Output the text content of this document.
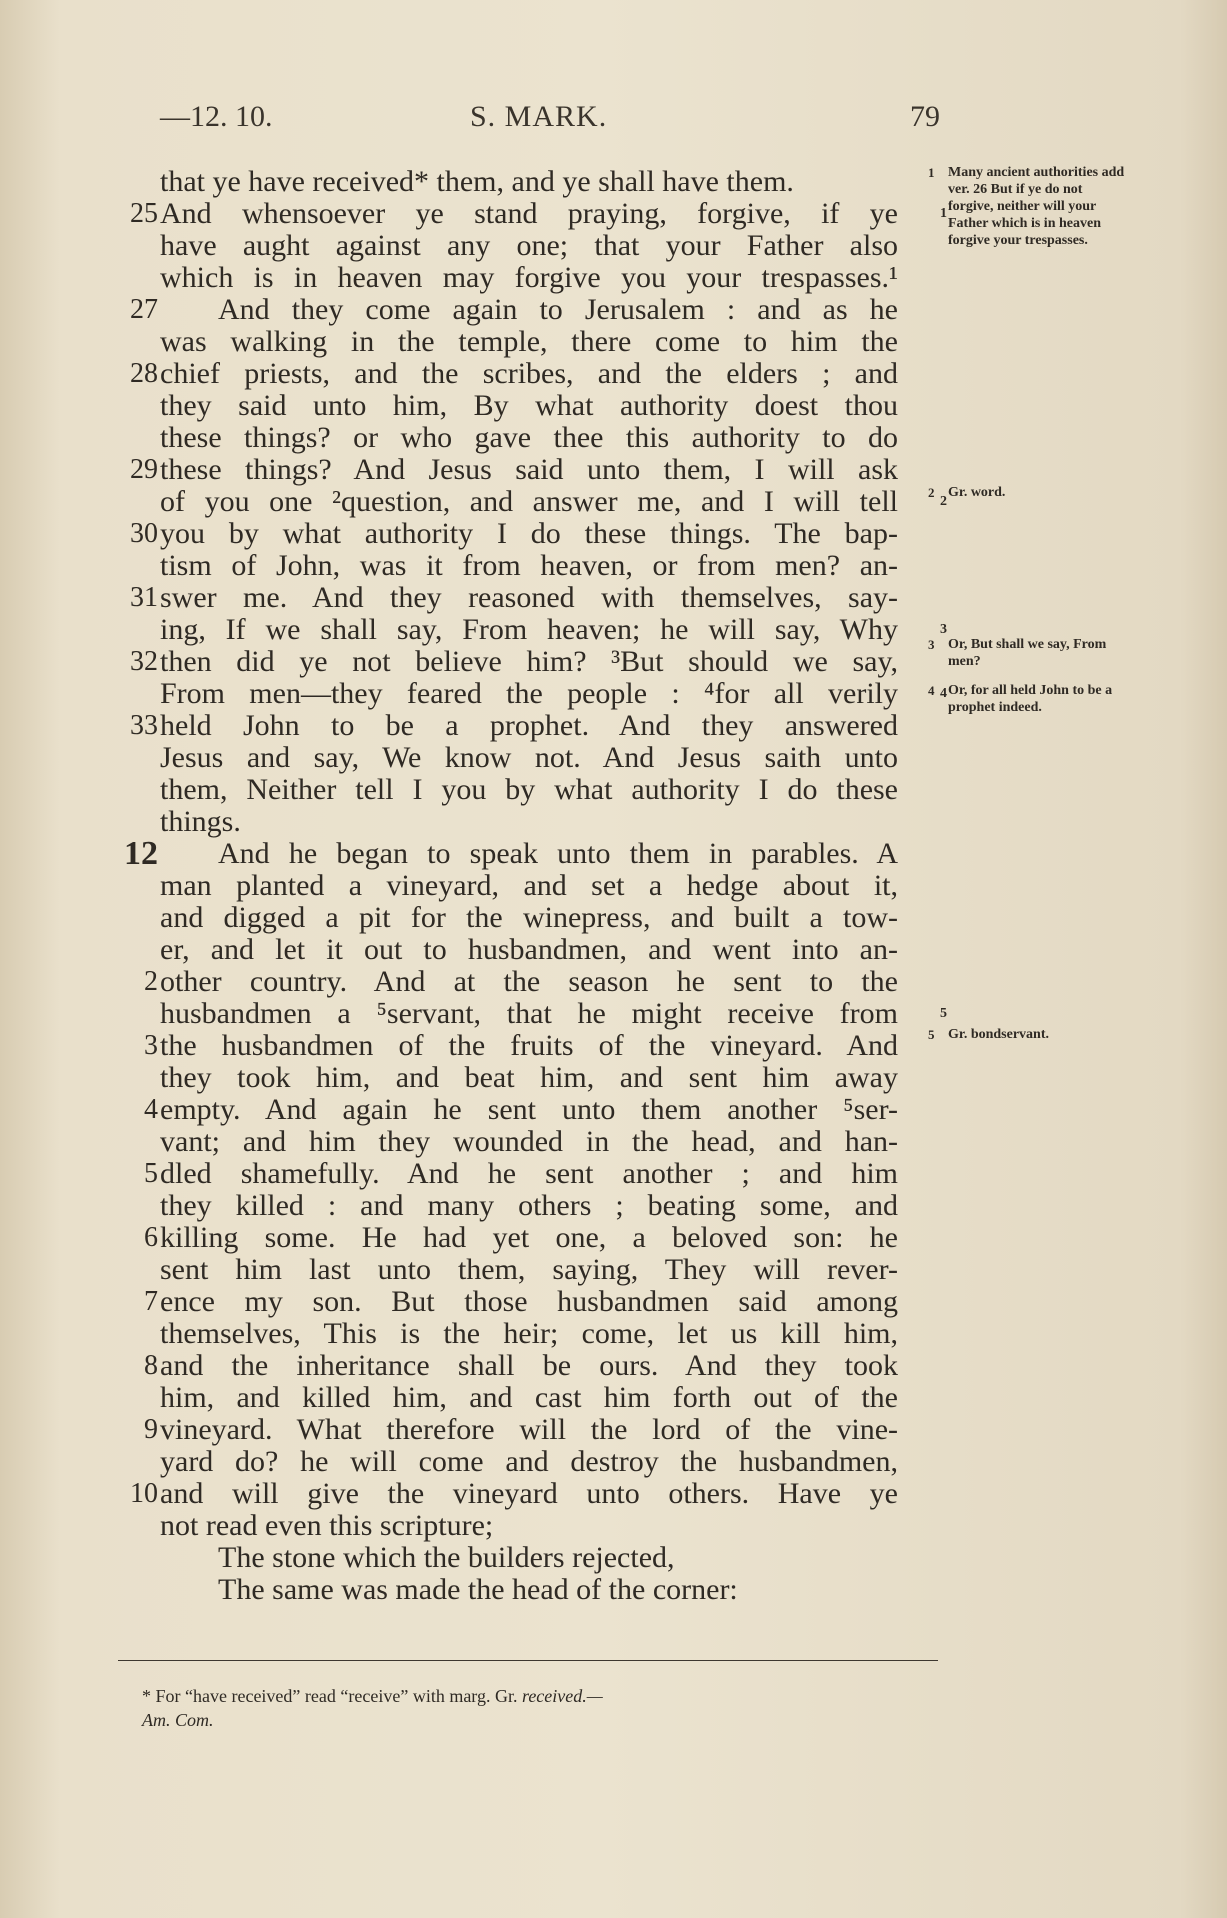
—12. 10.	S. MARK.	79
that ye have received* them, and ye shall have them.
25 And whensoever ye stand praying, forgive, if ye	1
have aught against any one; that your Father also
which is in heaven may forgive you your trespasses.¹
27 And they come again to Jerusalem : and as he
was walking in the temple, there come to him the
28 chief priests, and the scribes, and the elders ; and
they said unto him, By what authority doest thou
these things? or who gave thee this authority to do
29 these things? And Jesus said unto them, I will ask
of you one ²question, and answer me, and I will tell	2
30 you by what authority I do these things. The bap-
tism of John, was it from heaven, or from men? an-
31 swer me. And they reasoned with themselves, say-
ing, If we shall say, From heaven; he will say, Why	3
32 then did ye not believe him? ³But should we say,
From men—they feared the people : ⁴for all verily	4
33 held John to be a prophet. And they answered
Jesus and say, We know not. And Jesus saith unto
them, Neither tell I you by what authority I do these
things.
12	And he began to speak unto them in parables. A
man planted a vineyard, and set a hedge about it,
and digged a pit for the winepress, and built a tow-
er, and let it out to husbandmen, and went into an-
2 other country. And at the season he sent to the
husbandmen a ⁵servant, that he might receive from	5
3 the husbandmen of the fruits of the vineyard. And
they took him, and beat him, and sent him away
4 empty. And again he sent unto them another ⁵ser-
vant; and him they wounded in the head, and han-
5 dled shamefully. And he sent another ; and him
they killed : and many others ; beating some, and
6 killing some. He had yet one, a beloved son: he
sent him last unto them, saying, They will rever-
7 ence my son. But those husbandmen said among
themselves, This is the heir; come, let us kill him,
8 and the inheritance shall be ours. And they took
him, and killed him, and cast him forth out of the
9 vineyard. What therefore will the lord of the vine-
yard do? he will come and destroy the husbandmen,
10 and will give the vineyard unto others. Have ye
not read even this scripture;
The stone which the builders rejected,
The same was made the head of the corner:
1 Many ancient authorities add ver. 26 But if ye do not forgive, neither will your Father which is in heaven forgive your trespasses.
2 Gr. word.
3 Or, But shall we say, From men?
4 Or, for all held John to be a prophet indeed.
5 Gr. bondservant.
* For “have received” read “receive” with marg. Gr. received.—
Am. Com.
